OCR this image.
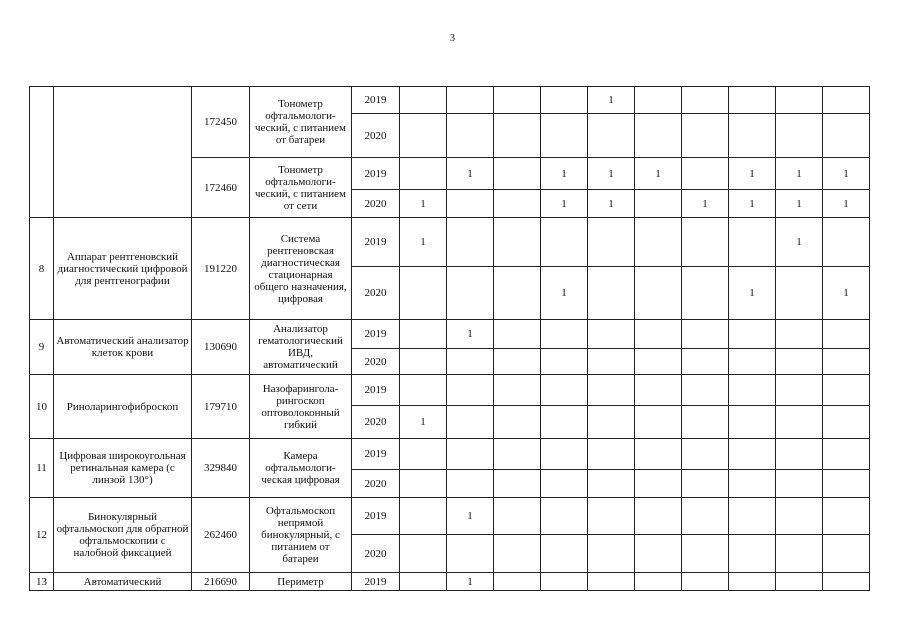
3
		172450	Тонометр офтальмологи-ческий, с питанием от батареи	2019					1					
				2020										
		172460	Тонометр офтальмологи-ческий, с питанием от сети	2019		1		1	1	1		1	1	1
				2020	1			1	1		1	1	1	1
8	Аппарат рентгеновский диагностический цифровой для рентгенографии	191220	Система рентгеновская диагностическая стационарная общего назначения, цифровая	2019	1								1	
				2020				1				1		1
9	Автоматический анализатор клеток крови	130690	Анализатор гематологический ИВД, автоматический	2019		1								
				2020										
10	Риноларингофиброскоп	179710	Назофарингола-рингоскоп оптоволоконный гибкий	2019										
				2020	1									
11	Цифровая широкоугольная ретинальная камера (с линзой 130°)	329840	Камера офтальмологи-ческая цифровая	2019										
				2020										
12	Бинокулярный офтальмоскоп для обратной офтальмоскопии с налобной фиксацией	262460	Офтальмоскоп непрямой бинокулярный, с питанием от батареи	2019		1								
				2020										
13	Автоматический	216690	Периметр	2019		1								
